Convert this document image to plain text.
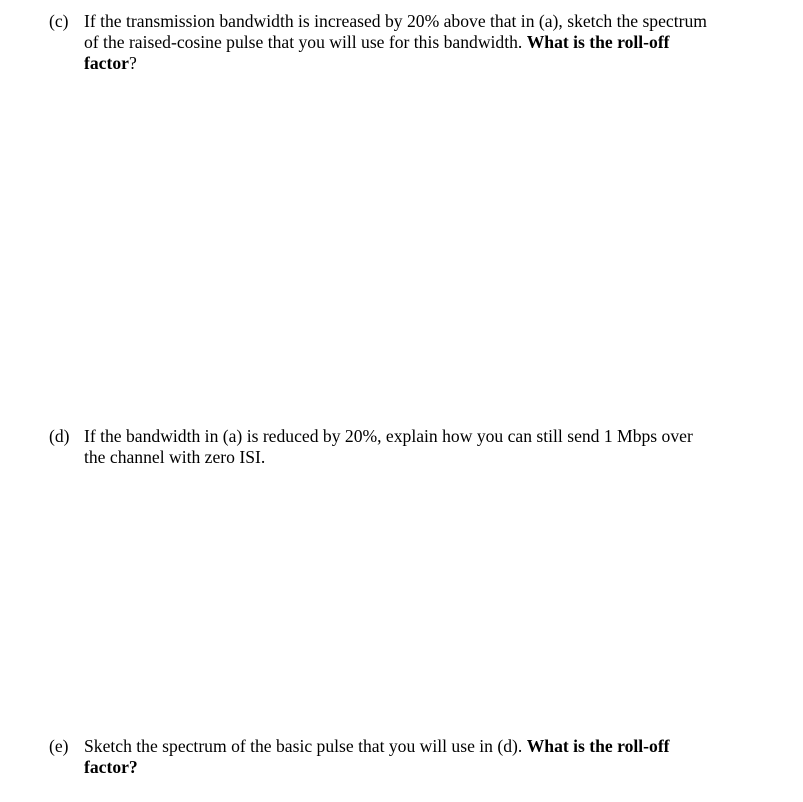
(c) If the transmission bandwidth is increased by 20% above that in (a), sketch the spectrum
of the raised-cosine pulse that you will use for this bandwidth. What is the roll-off
factor?
(d) If the bandwidth in (a) is reduced by 20%, explain how you can still send 1 Mbps over
the channel with zero ISI.
(e) Sketch the spectrum of the basic pulse that you will use in (d). What is the roll-off
factor?
